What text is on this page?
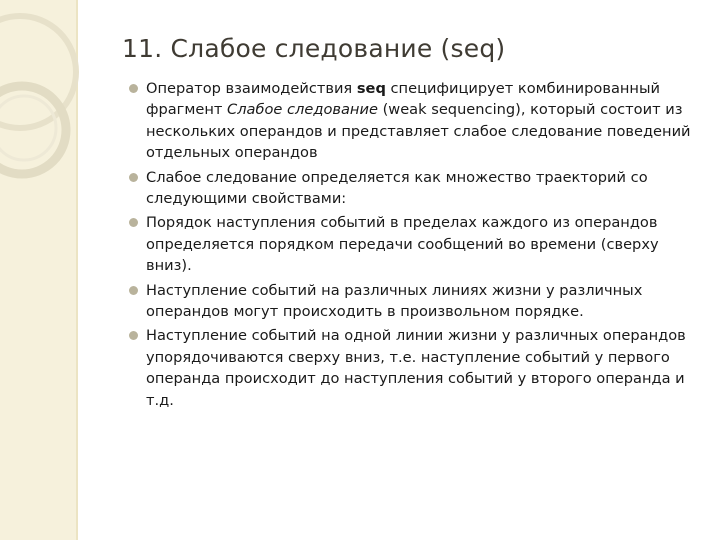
11. Слабое следование (seq)
Оператор взаимодействия seq специфицирует комбинированный фрагмент Слабое следование (weak sequencing), который состоит из нескольких операндов и представляет слабое следование поведений отдельных операндов
Слабое следование определяется как множество траекторий со следующими свойствами:
Порядок наступления событий в пределах каждого из операндов определяется порядком передачи сообщений во времени (сверху вниз).
Наступление событий на различных линиях жизни у различных операндов могут происходить в произвольном порядке.
Наступление событий на одной линии жизни у различных операндов упорядочиваются сверху вниз, т.е. наступление событий у первого операнда происходит до наступления событий у второго операнда и т.д.
